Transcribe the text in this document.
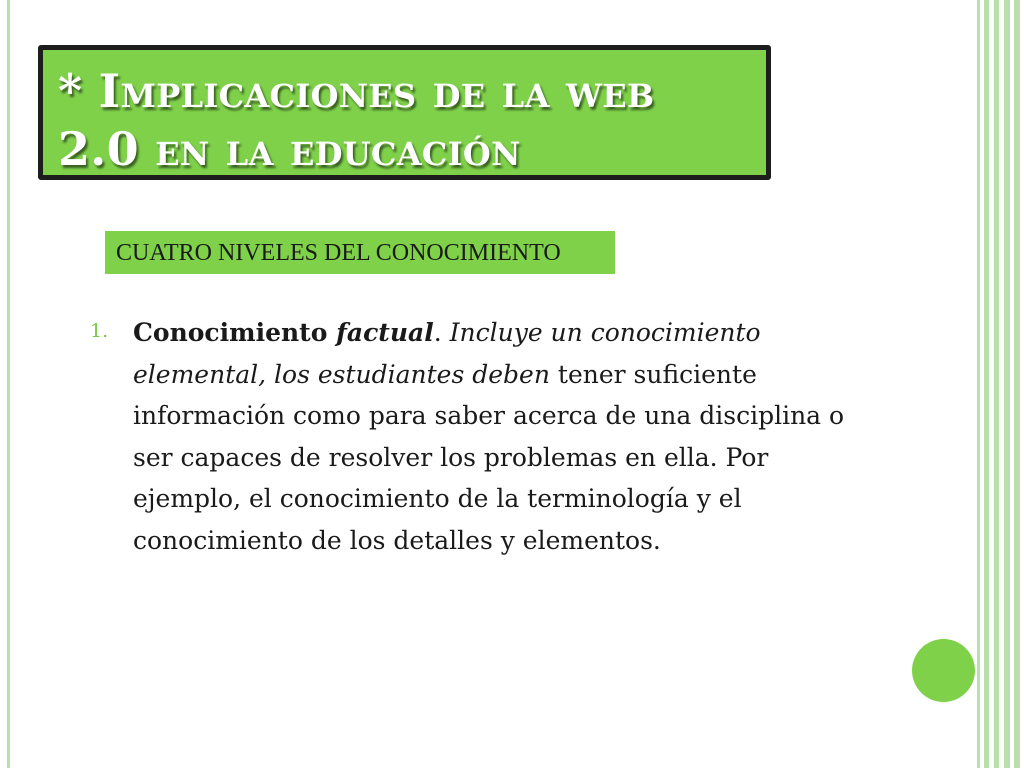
* Implicaciones de la web
2.0 en la educación
CUATRO NIVELES DEL CONOCIMIENTO
1. Conocimiento factual. Incluye un conocimiento elemental, los estudiantes deben tener suficiente información como para saber acerca de una disciplina o ser capaces de resolver los problemas en ella. Por ejemplo, el conocimiento de la terminología y el conocimiento de los detalles y elementos.
